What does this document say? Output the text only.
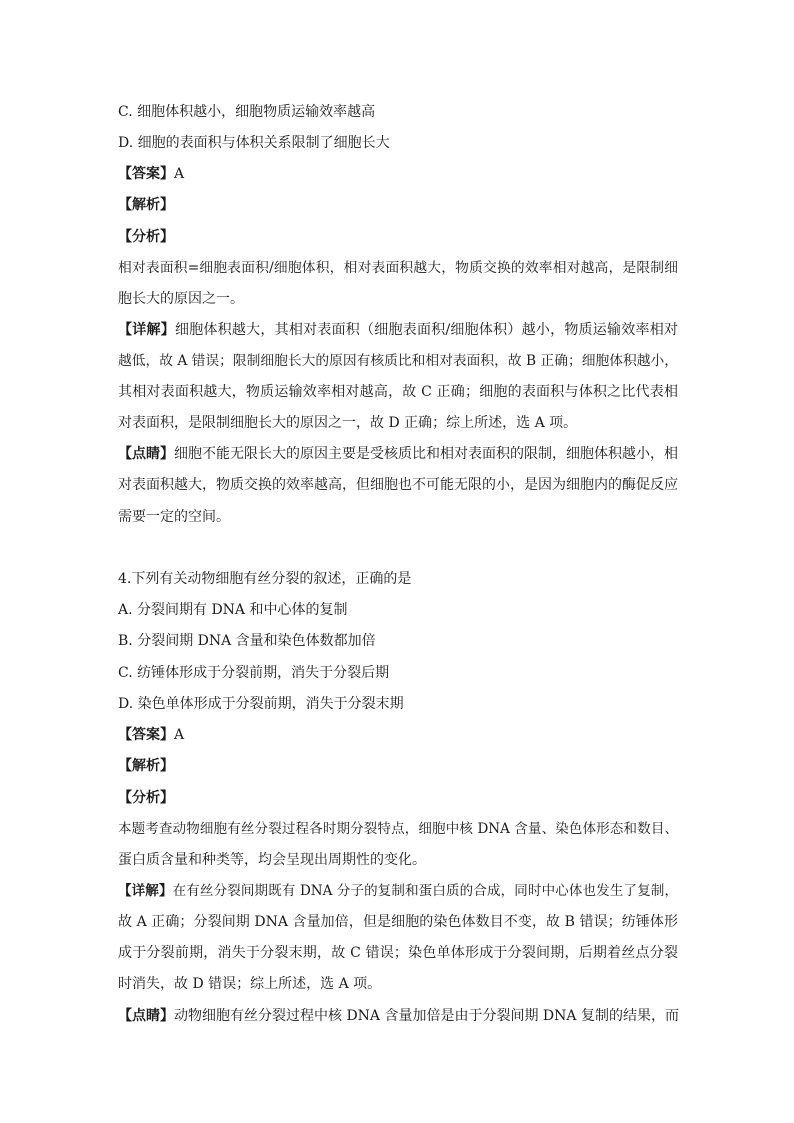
C. 细胞体积越小，细胞物质运输效率越高
D. 细胞的表面积与体积关系限制了细胞长大
【答案】A
【解析】
【分析】
相对表面积=细胞表面积/细胞体积，相对表面积越大，物质交换的效率相对越高，是限制细
胞长大的原因之一。
【详解】细胞体积越大，其相对表面积（细胞表面积/细胞体积）越小，物质运输效率相对
越低，故 A 错误；限制细胞长大的原因有核质比和相对表面积，故 B 正确；细胞体积越小，
其相对表面积越大，物质运输效率相对越高，故 C 正确；细胞的表面积与体积之比代表相
对表面积，是限制细胞长大的原因之一，故 D 正确；综上所述，选 A 项。
【点睛】细胞不能无限长大的原因主要是受核质比和相对表面积的限制，细胞体积越小，相
对表面积越大，物质交换的效率越高，但细胞也不可能无限的小，是因为细胞内的酶促反应
需要一定的空间。
4.下列有关动物细胞有丝分裂的叙述，正确的是
A. 分裂间期有 DNA 和中心体的复制
B. 分裂间期 DNA 含量和染色体数都加倍
C. 纺锤体形成于分裂前期，消失于分裂后期
D. 染色单体形成于分裂前期，消失于分裂末期
【答案】A
【解析】
【分析】
本题考查动物细胞有丝分裂过程各时期分裂特点，细胞中核 DNA 含量、染色体形态和数目、
蛋白质含量和种类等，均会呈现出周期性的变化。
【详解】在有丝分裂间期既有 DNA 分子的复制和蛋白质的合成，同时中心体也发生了复制，
故 A 正确；分裂间期 DNA 含量加倍，但是细胞的染色体数目不变，故 B 错误；纺锤体形
成于分裂前期，消失于分裂末期，故 C 错误；染色单体形成于分裂间期，后期着丝点分裂
时消失，故 D 错误；综上所述，选 A 项。
【点睛】动物细胞有丝分裂过程中核 DNA 含量加倍是由于分裂间期 DNA 复制的结果，而
